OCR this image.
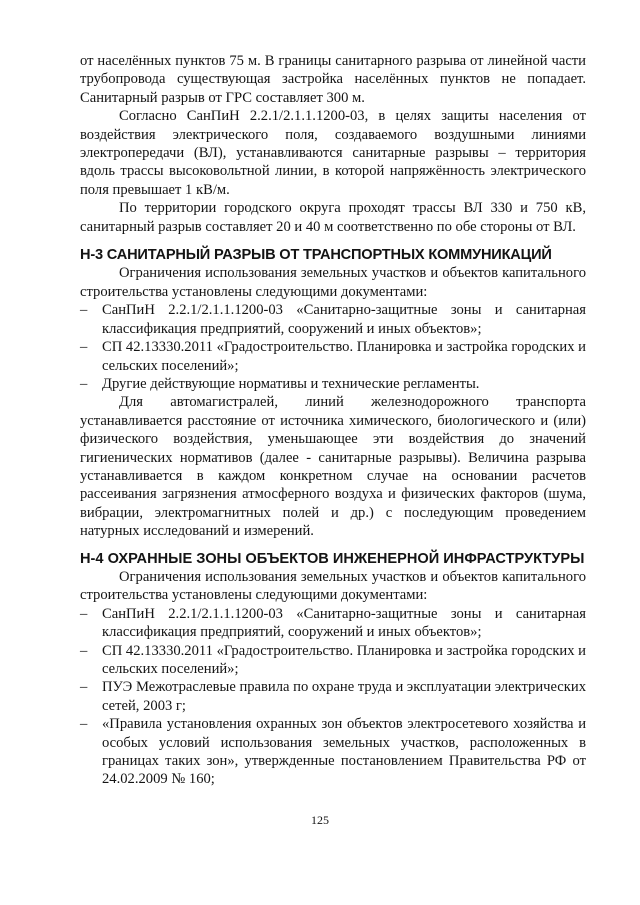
от населённых пунктов 75 м. В границы санитарного разрыва от линейной части трубопровода существующая застройка населённых пунктов не попадает. Санитарный разрыв от ГРС составляет 300 м.

Согласно СанПиН 2.2.1/2.1.1.1200-03, в целях защиты населения от воздействия электрического поля, создаваемого воздушными линиями электропередачи (ВЛ), устанавливаются санитарные разрывы – территория вдоль трассы высоковольтной линии, в которой напряжённость электрического поля превышает 1 кВ/м.

По территории городского округа проходят трассы ВЛ 330 и 750 кВ, санитарный разрыв составляет 20 и 40 м соответственно по обе стороны от ВЛ.

Н-3 САНИТАРНЫЙ РАЗРЫВ ОТ ТРАНСПОРТНЫХ КОММУНИКАЦИЙ

Ограничения использования земельных участков и объектов капитального строительства установлены следующими документами:

– СанПиН 2.2.1/2.1.1.1200-03 «Санитарно-защитные зоны и санитарная классификация предприятий, сооружений и иных объектов»;
– СП 42.13330.2011 «Градостроительство. Планировка и застройка городских и сельских поселений»;
– Другие действующие нормативы и технические регламенты.

Для автомагистралей, линий железнодорожного транспорта устанавливается расстояние от источника химического, биологического и (или) физического воздействия, уменьшающее эти воздействия до значений гигиенических нормативов (далее - санитарные разрывы). Величина разрыва устанавливается в каждом конкретном случае на основании расчетов рассеивания загрязнения атмосферного воздуха и физических факторов (шума, вибрации, электромагнитных полей и др.) с последующим проведением натурных исследований и измерений.

Н-4 ОХРАННЫЕ ЗОНЫ ОБЪЕКТОВ ИНЖЕНЕРНОЙ ИНФРАСТРУКТУРЫ

Ограничения использования земельных участков и объектов капитального строительства установлены следующими документами:

– СанПиН 2.2.1/2.1.1.1200-03 «Санитарно-защитные зоны и санитарная классификация предприятий, сооружений и иных объектов»;
– СП 42.13330.2011 «Градостроительство. Планировка и застройка городских и сельских поселений»;
– ПУЭ Межотраслевые правила по охране труда и эксплуатации электрических сетей, 2003 г;
– «Правила установления охранных зон объектов электросетевого хозяйства и особых условий использования земельных участков, расположенных в границах таких зон», утвержденные постановлением Правительства РФ от 24.02.2009 № 160;
125
